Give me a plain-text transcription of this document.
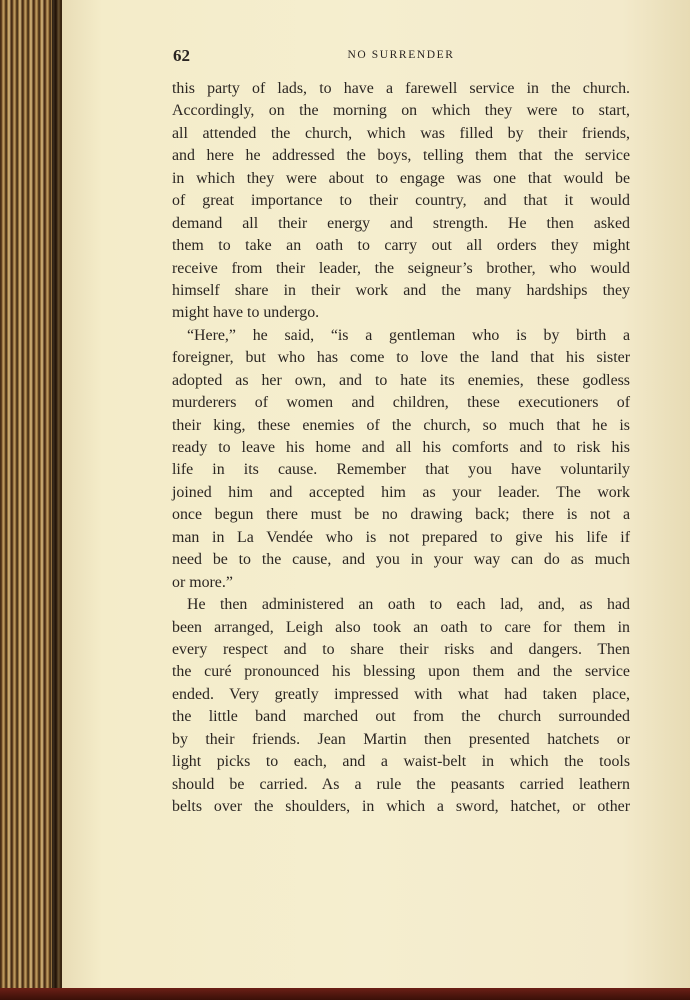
62	NO SURRENDER
this party of lads, to have a farewell service in the church.
Accordingly, on the morning on which they were to start,
all attended the church, which was filled by their friends,
and here he addressed the boys, telling them that the service
in which they were about to engage was one that would be
of great importance to their country, and that it would
demand all their energy and strength. He then asked
them to take an oath to carry out all orders they might
receive from their leader, the seigneur’s brother, who would
himself share in their work and the many hardships they
might have to undergo.
“Here,” he said, “is a gentleman who is by birth a
foreigner, but who has come to love the land that his sister
adopted as her own, and to hate its enemies, these godless
murderers of women and children, these executioners of
their king, these enemies of the church, so much that he is
ready to leave his home and all his comforts and to risk his
life in its cause. Remember that you have voluntarily
joined him and accepted him as your leader. The work
once begun there must be no drawing back; there is not a
man in La Vendée who is not prepared to give his life if
need be to the cause, and you in your way can do as much
or more.”
He then administered an oath to each lad, and, as had
been arranged, Leigh also took an oath to care for them in
every respect and to share their risks and dangers. Then
the curé pronounced his blessing upon them and the service
ended. Very greatly impressed with what had taken place,
the little band marched out from the church surrounded
by their friends. Jean Martin then presented hatchets or
light picks to each, and a waist-belt in which the tools
should be carried. As a rule the peasants carried leathern
belts over the shoulders, in which a sword, hatchet, or other
